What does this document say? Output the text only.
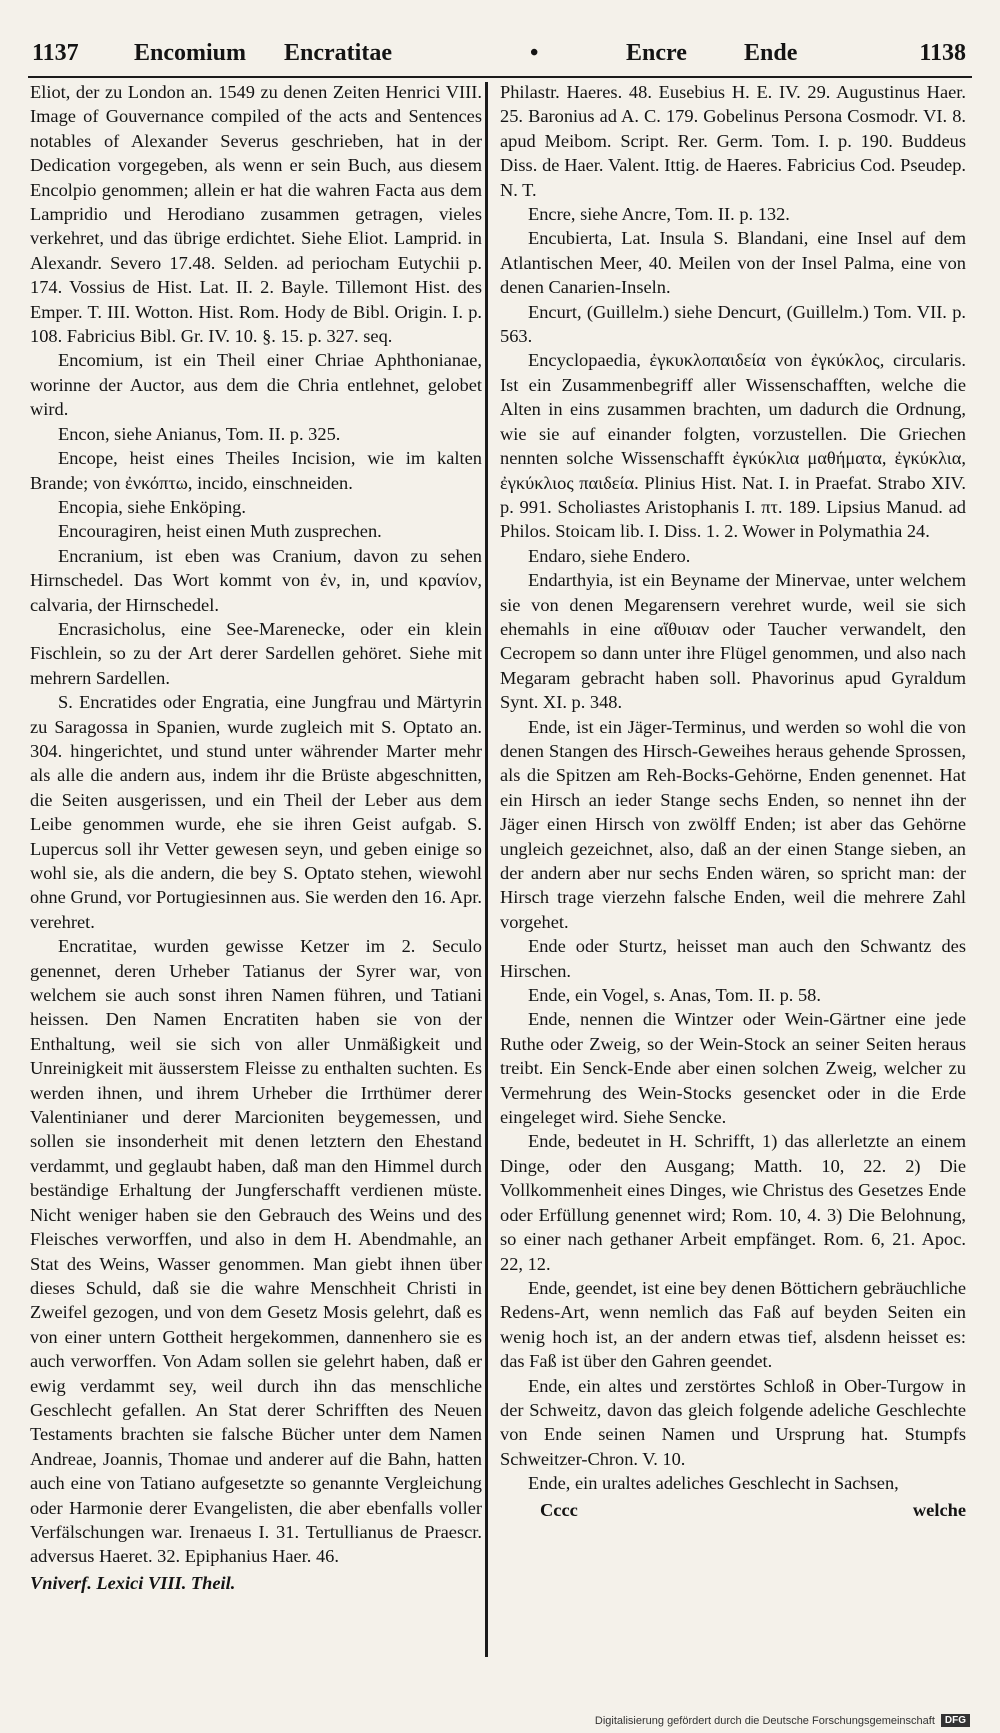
1137 Encomium Encratitae	•	Encre Ende	1138

Eliot, der zu London an. 1549 zu denen Zeiten Henrici VIII. Image of Gouvernance compiled of the acts and Sentences notables of Alexander Severus geschrieben, hat in der Dedication vorgegeben, als wenn er sein Buch, aus diesem Encolpio genommen; allein er hat die wahren Facta aus dem Lampridio und Herodiano zusammen getragen, vieles verkehret, und das übrige erdichtet. Siehe Eliot. Lamprid. in Alexandr. Severo 17.48. Selden. ad periocham Eutychii p. 174. Vossius de Hist. Lat. II. 2. Bayle. Tillemont Hist. des Emper. T. III. Wotton. Hist. Rom. Hody de Bibl. Origin. I. p. 108. Fabricius Bibl. Gr. IV. 10. §. 15. p. 327. seq.

Encomium, ist ein Theil einer Chriae Aphthonianae, worinne der Auctor, aus dem die Chria entlehnet, gelobet wird.

Encon, siehe Anianus, Tom. II. p. 325.

Encope, heist eines Theiles Incision, wie im kalten Brande; von ἐνκόπτω, incido, einschneiden.

Encopia, siehe Enköping.

Encouragiren, heist einen Muth zusprechen.

Encranium, ist eben was Cranium, davon zu sehen Hirnschedel. Das Wort kommt von ἐν, in, und κρανίον, calvaria, der Hirnschedel.

Encrasicholus, eine See-Marenecke, oder ein klein Fischlein, so zu der Art derer Sardellen gehöret. Siehe mit mehrern Sardellen.

S. Encratides oder Engratia, eine Jungfrau und Märtyrin zu Saragossa in Spanien, wurde zugleich mit S. Optato an. 304. hingerichtet, und stund unter währender Marter mehr als alle die andern aus, indem ihr die Brüste abgeschnitten, die Seiten ausgerissen, und ein Theil der Leber aus dem Leibe genommen wurde, ehe sie ihren Geist aufgab. S. Lupercus soll ihr Vetter gewesen seyn, und geben einige so wohl sie, als die andern, die bey S. Optato stehen, wiewohl ohne Grund, vor Portugiesinnen aus. Sie werden den 16. Apr. verehret.

Encratitae, wurden gewisse Ketzer im 2. Seculo genennet, deren Urheber Tatianus der Syrer war, von welchem sie auch sonst ihren Namen führen, und Tatiani heissen. Den Namen Encratiten haben sie von der Enthaltung, weil sie sich von aller Unmäßigkeit und Unreinigkeit mit äusserstem Fleisse zu enthalten suchten. Es werden ihnen, und ihrem Urheber die Irrthümer derer Valentinianer und derer Marcioniten beygemessen, und sollen sie insonderheit mit denen letztern den Ehestand verdammt, und geglaubt haben, daß man den Himmel durch beständige Erhaltung der Jungferschafft verdienen müste. Nicht weniger haben sie den Gebrauch des Weins und des Fleisches verworffen, und also in dem H. Abendmahle, an Stat des Weins, Wasser genommen. Man giebt ihnen über dieses Schuld, daß sie die wahre Menschheit Christi in Zweifel gezogen, und von dem Gesetz Mosis gelehrt, daß es von einer untern Gottheit hergekommen, dannenhero sie es auch verworffen. Von Adam sollen sie gelehrt haben, daß er ewig verdammt sey, weil durch ihn das menschliche Geschlecht gefallen. An Stat derer Schrifften des Neuen Testaments brachten sie falsche Bücher unter dem Namen Andreae, Joannis, Thomae und anderer auf die Bahn, hatten auch eine von Tatiano aufgesetzte so genannte Vergleichung oder Harmonie derer Evangelisten, die aber ebenfalls voller Verfälschungen war. Irenaeus I. 31. Tertullianus de Praescr. adversus Haeret. 32. Epiphanius Haer. 46.

Vniverf. Lexici VIII. Theil.

Philastr. Haeres. 48. Eusebius H. E. IV. 29. Augustinus Haer. 25. Baronius ad A. C. 179. Gobelinus Persona Cosmodr. VI. 8. apud Meibom. Script. Rer. Germ. Tom. I. p. 190. Buddeus Diss. de Haer. Valent. Ittig. de Haeres. Fabricius Cod. Pseudep. N. T.

Encre, siehe Ancre, Tom. II. p. 132.

Encubierta, Lat. Insula S. Blandani, eine Insel auf dem Atlantischen Meer, 40. Meilen von der Insel Palma, eine von denen Canarien-Inseln.

Encurt, (Guillelm.) siehe Dencurt, (Guillelm.) Tom. VII. p. 563.

Encyclopaedia, ἐγκυκλοπαιδεία von ἐγκύκλος, circularis. Ist ein Zusammenbegriff aller Wissenschafften, welche die Alten in eins zusammen brachten, um dadurch die Ordnung, wie sie auf einander folgten, vorzustellen. Die Griechen nennten solche Wissenschafft ἐγκύκλια μαθήματα, ἐγκύκλια, ἐγκύκλιος παιδεία. Plinius Hist. Nat. I. in Praefat. Strabo XIV. p. 991. Scholiastes Aristophanis I. πτ. 189. Lipsius Manud. ad Philos. Stoicam lib. I. Diss. 1. 2. Wower in Polymathia 24.

Endaro, siehe Endero.

Endarthyia, ist ein Beyname der Minervae, unter welchem sie von denen Megarensern verehret wurde, weil sie sich ehemahls in eine αἴθυιαν oder Taucher verwandelt, den Cecropem so dann unter ihre Flügel genommen, und also nach Megaram gebracht haben soll. Phavorinus apud Gyraldum Synt. XI. p. 348.

Ende, ist ein Jäger-Terminus, und werden so wohl die von denen Stangen des Hirsch-Geweihes heraus gehende Sprossen, als die Spitzen am Reh-Bocks-Gehörne, Enden genennet. Hat ein Hirsch an ieder Stange sechs Enden, so nennet ihn der Jäger einen Hirsch von zwölff Enden; ist aber das Gehörne ungleich gezeichnet, also, daß an der einen Stange sieben, an der andern aber nur sechs Enden wären, so spricht man: der Hirsch trage vierzehn falsche Enden, weil die mehrere Zahl vorgehet.

Ende oder Sturtz, heisset man auch den Schwantz des Hirschen.

Ende, ein Vogel, s. Anas, Tom. II. p. 58.

Ende, nennen die Wintzer oder Wein-Gärtner eine jede Ruthe oder Zweig, so der Wein-Stock an seiner Seiten heraus treibt. Ein Senck-Ende aber einen solchen Zweig, welcher zu Vermehrung des Wein-Stocks gesencket oder in die Erde eingeleget wird. Siehe Sencke.

Ende, bedeutet in H. Schrifft, 1) das allerletzte an einem Dinge, oder den Ausgang; Matth. 10, 22. 2) Die Vollkommenheit eines Dinges, wie Christus des Gesetzes Ende oder Erfüllung genennet wird; Rom. 10, 4. 3) Die Belohnung, so einer nach gethaner Arbeit empfänget. Rom. 6, 21. Apoc. 22, 12.

Ende, geendet, ist eine bey denen Böttichern gebräuchliche Redens-Art, wenn nemlich das Faß auf beyden Seiten ein wenig hoch ist, an der andern etwas tief, alsdenn heisset es: das Faß ist über den Gahren geendet.

Ende, ein altes und zerstörtes Schloß in Ober-Turgow in der Schweitz, davon das gleich folgende adeliche Geschlechte von Ende seinen Namen und Ursprung hat. Stumpfs Schweitzer-Chron. V. 10.

Ende, ein uraltes adeliches Geschlecht in Sachsen,

Cccc	welche
Digitalisierung gefördert durch die Deutsche Forschungsgemeinschaft	DFG
